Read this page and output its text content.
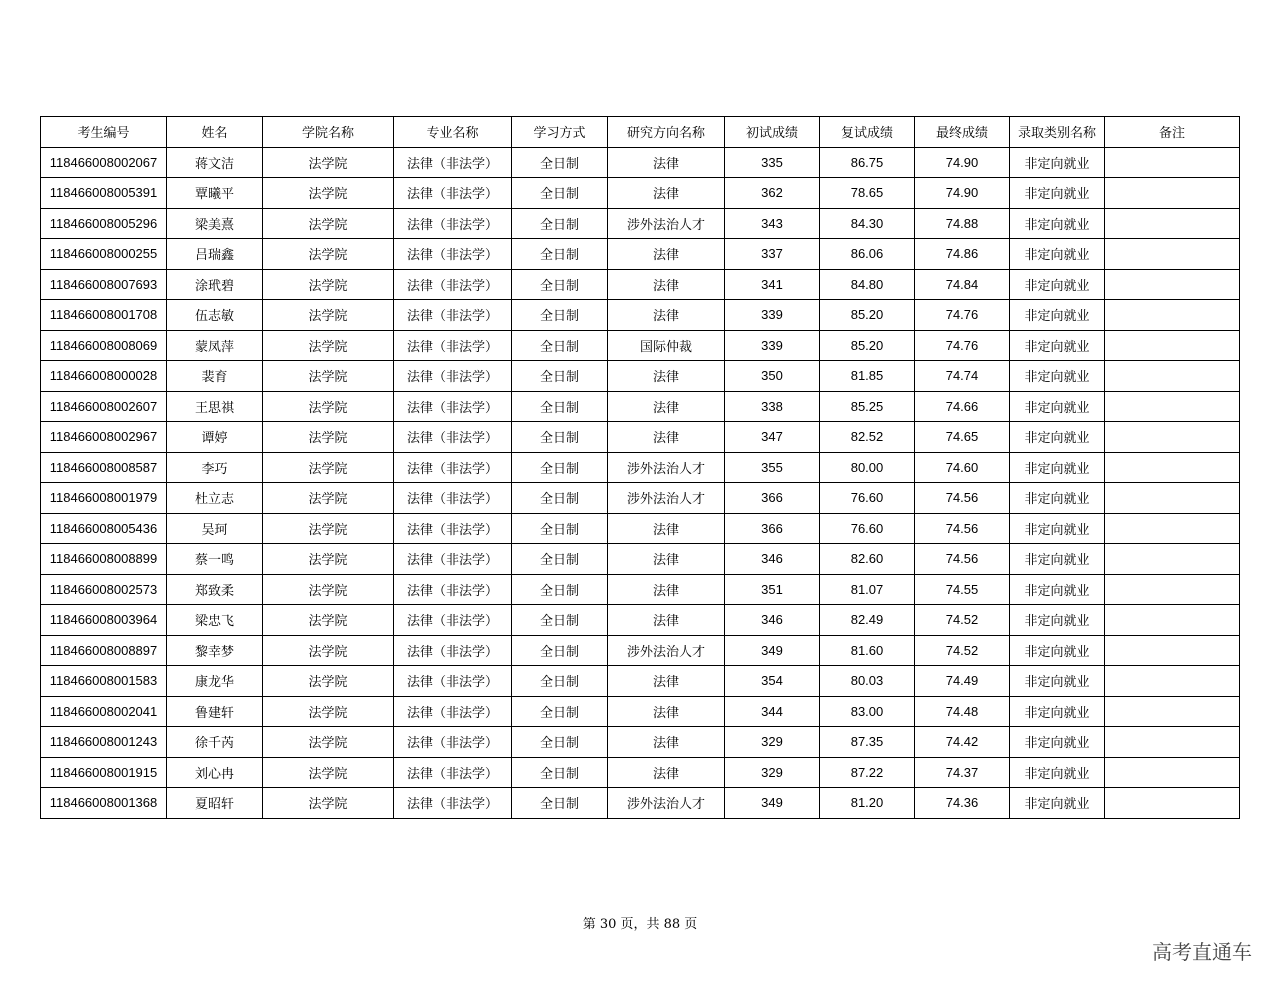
考生编号	姓名	学院名称	专业名称	学习方式	研究方向名称	初试成绩	复试成绩	最终成绩	录取类别名称	备注
118466008002067	蒋文洁	法学院	法律（非法学）	全日制	法律	335	86.75	74.90	非定向就业	
118466008005391	覃曦平	法学院	法律（非法学）	全日制	法律	362	78.65	74.90	非定向就业	
118466008005296	梁美熹	法学院	法律（非法学）	全日制	涉外法治人才	343	84.30	74.88	非定向就业	
118466008000255	吕瑞鑫	法学院	法律（非法学）	全日制	法律	337	86.06	74.86	非定向就业	
118466008007693	涂玳碧	法学院	法律（非法学）	全日制	法律	341	84.80	74.84	非定向就业	
118466008001708	伍志敏	法学院	法律（非法学）	全日制	法律	339	85.20	74.76	非定向就业	
118466008008069	蒙凤萍	法学院	法律（非法学）	全日制	国际仲裁	339	85.20	74.76	非定向就业	
118466008000028	裴育	法学院	法律（非法学）	全日制	法律	350	81.85	74.74	非定向就业	
118466008002607	王思祺	法学院	法律（非法学）	全日制	法律	338	85.25	74.66	非定向就业	
118466008002967	谭婷	法学院	法律（非法学）	全日制	法律	347	82.52	74.65	非定向就业	
118466008008587	李巧	法学院	法律（非法学）	全日制	涉外法治人才	355	80.00	74.60	非定向就业	
118466008001979	杜立志	法学院	法律（非法学）	全日制	涉外法治人才	366	76.60	74.56	非定向就业	
118466008005436	吴珂	法学院	法律（非法学）	全日制	法律	366	76.60	74.56	非定向就业	
118466008008899	蔡一鸣	法学院	法律（非法学）	全日制	法律	346	82.60	74.56	非定向就业	
118466008002573	郑致柔	法学院	法律（非法学）	全日制	法律	351	81.07	74.55	非定向就业	
118466008003964	梁忠飞	法学院	法律（非法学）	全日制	法律	346	82.49	74.52	非定向就业	
118466008008897	黎幸梦	法学院	法律（非法学）	全日制	涉外法治人才	349	81.60	74.52	非定向就业	
118466008001583	康龙华	法学院	法律（非法学）	全日制	法律	354	80.03	74.49	非定向就业	
118466008002041	鲁建轩	法学院	法律（非法学）	全日制	法律	344	83.00	74.48	非定向就业	
118466008001243	徐千芮	法学院	法律（非法学）	全日制	法律	329	87.35	74.42	非定向就业	
118466008001915	刘心冉	法学院	法律（非法学）	全日制	法律	329	87.22	74.37	非定向就业	
118466008001368	夏昭轩	法学院	法律（非法学）	全日制	涉外法治人才	349	81.20	74.36	非定向就业	
第 30 页，共 88 页
高考直通车
